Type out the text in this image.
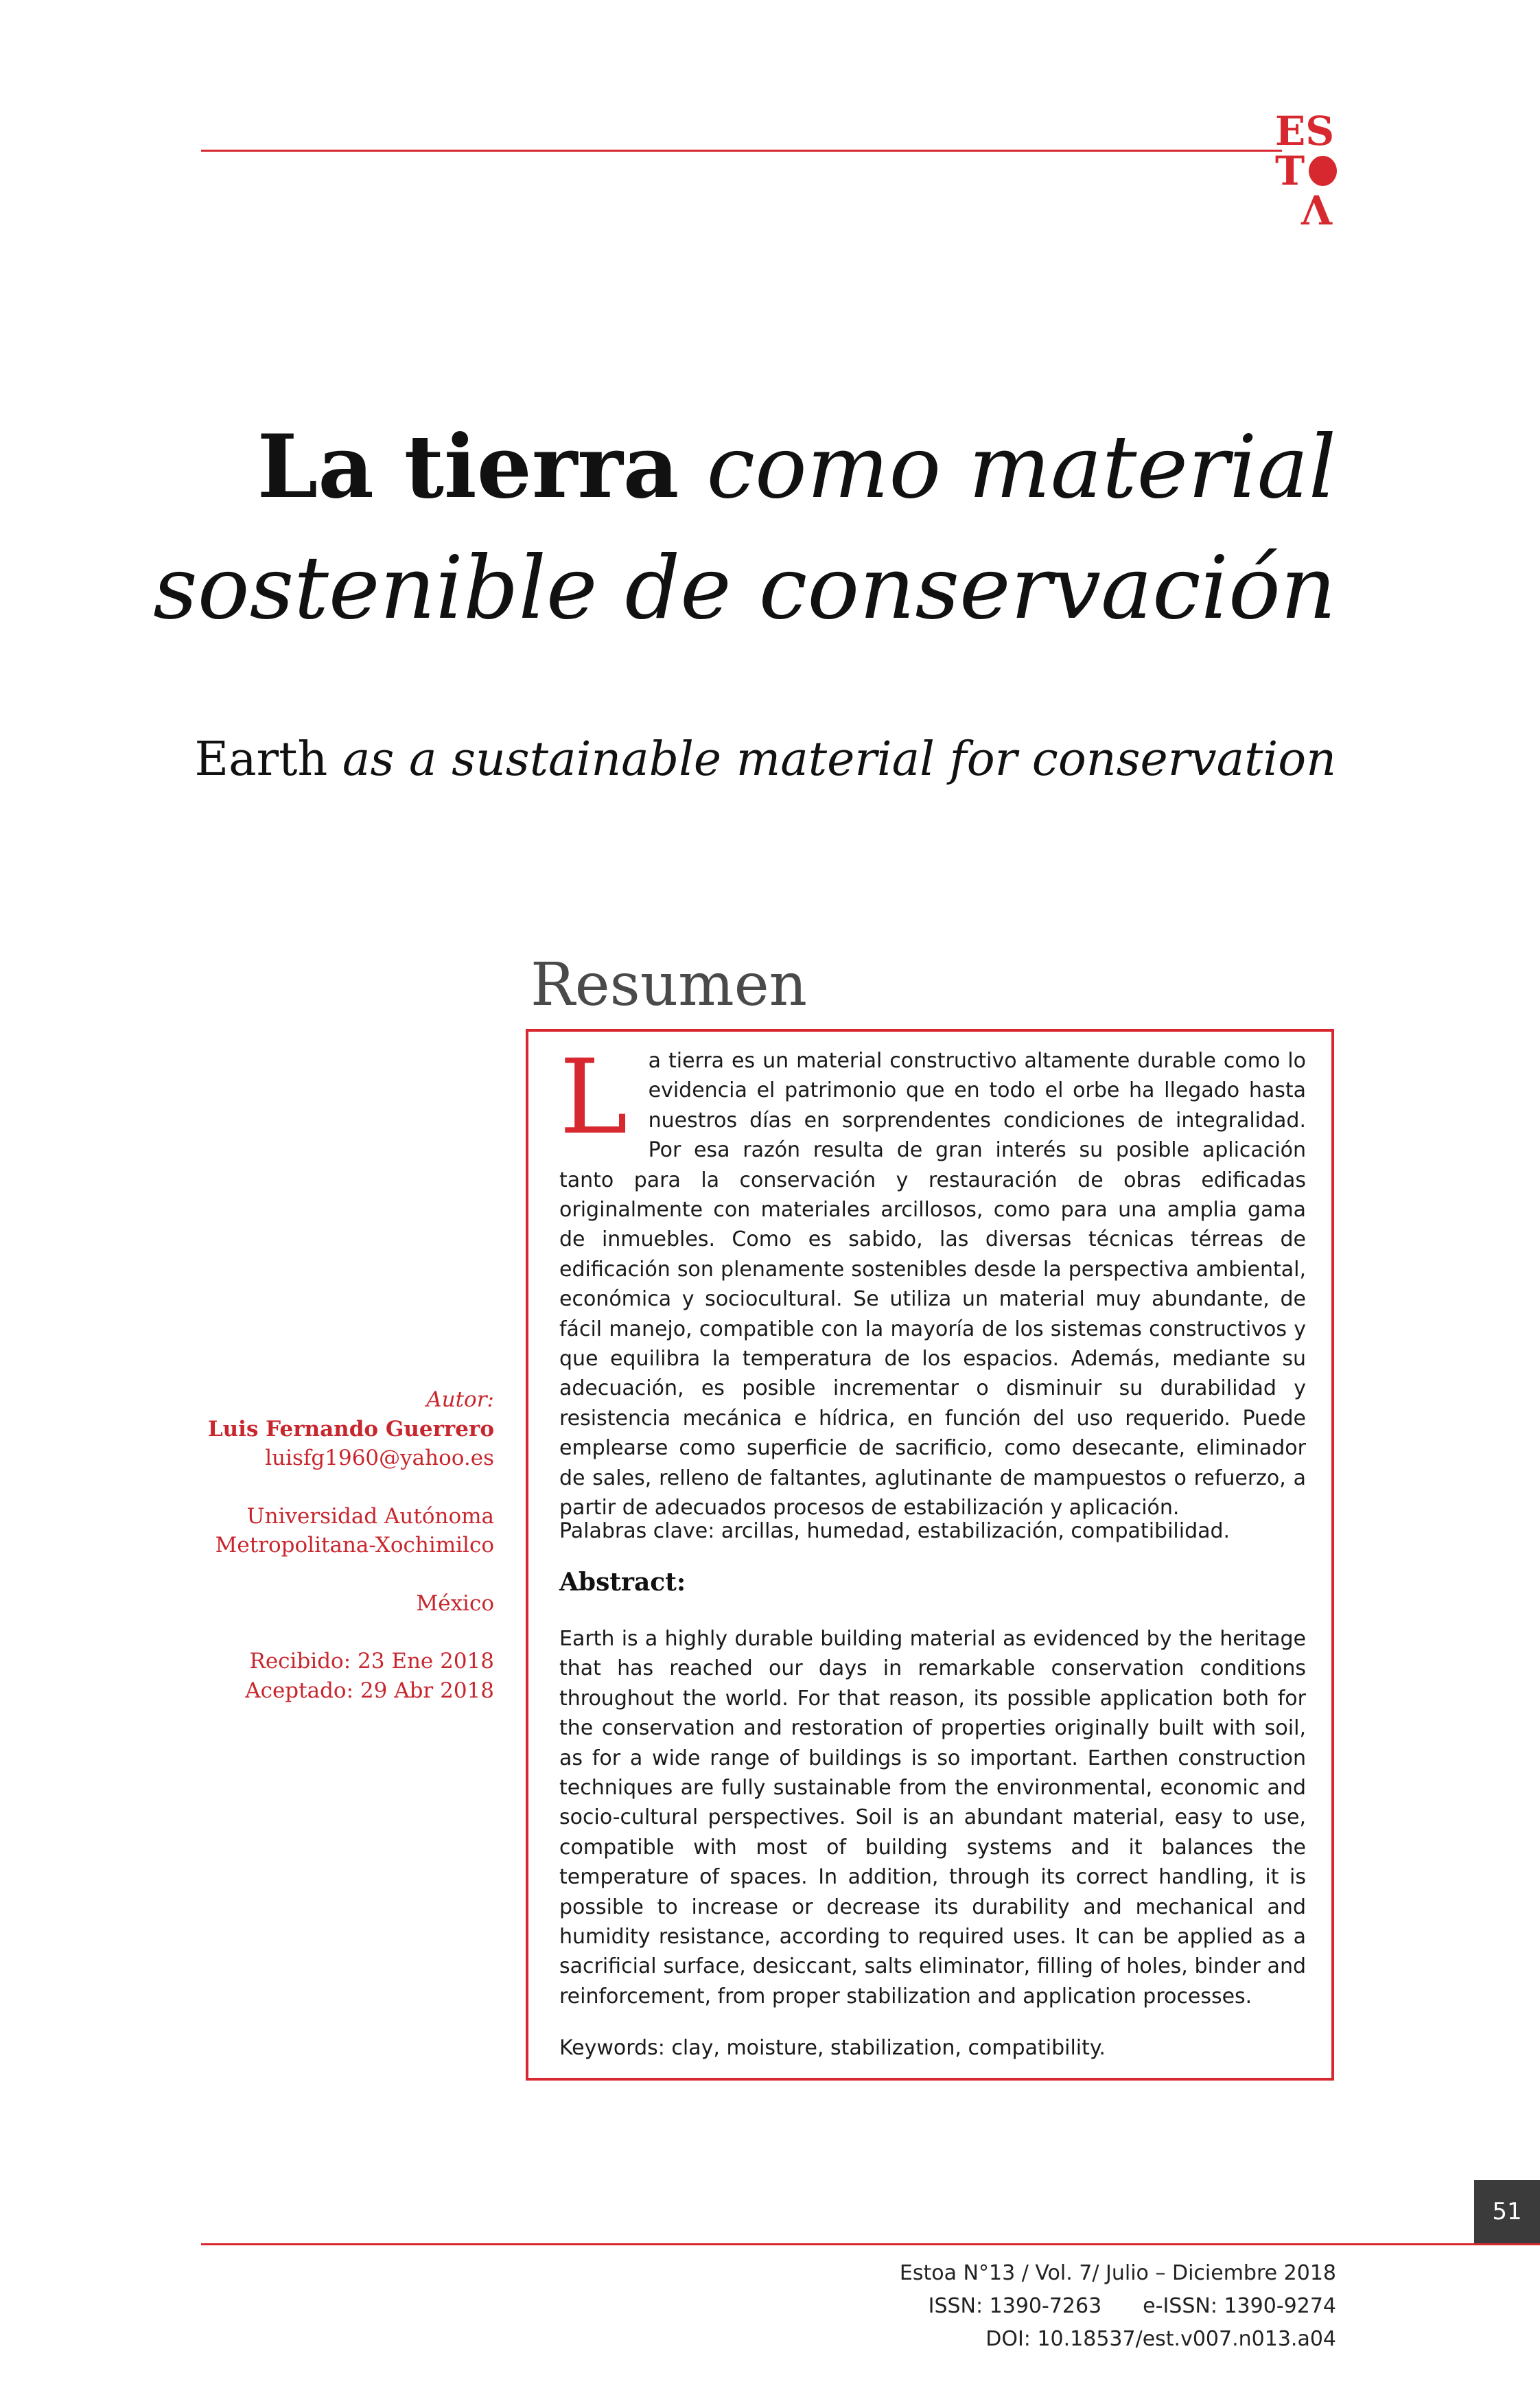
ES
T
Λ
La tierra como material
sostenible de conservación
Earth as a sustainable material for conservation
Resumen
L	a tierra es un material constructivo altamente durable como lo evidencia el patrimonio que en todo el orbe ha llegado hasta nuestros días en sorprendentes condiciones de integralidad. Por esa razón resulta de gran interés su posible aplicación tanto para la conservación y restauración de obras edificadas originalmente con materiales arcillosos, como para una amplia gama de inmuebles. Como es sabido, las diversas técnicas térreas de edificación son plenamente sostenibles desde la perspectiva ambiental, económica y sociocultural. Se utiliza un material muy abundante, de fácil manejo, compatible con la mayoría de los sistemas constructivos y que equilibra la temperatura de los espacios. Además, mediante su adecuación, es posible incrementar o disminuir su durabilidad y resistencia mecánica e hídrica, en función del uso requerido. Puede emplearse como superficie de sacrificio, como desecante, eliminador de sales, relleno de faltantes, aglutinante de mampuestos o refuerzo, a partir de adecuados procesos de estabilización y aplicación.

Palabras clave: arcillas, humedad, estabilización, compatibilidad.
Abstract:

Earth is a highly durable building material as evidenced by the heritage that has reached our days in remarkable conservation conditions throughout the world. For that reason, its possible application both for the conservation and restoration of properties originally built with soil, as for a wide range of buildings is so important. Earthen construction techniques are fully sustainable from the environmental, economic and socio-cultural perspectives. Soil is an abundant material, easy to use, compatible with most of building systems and it balances the temperature of spaces. In addition, through its correct handling, it is possible to increase or decrease its durability and mechanical and humidity resistance, according to required uses. It can be applied as a sacrificial surface, desiccant, salts eliminator, filling of holes, binder and reinforcement, from proper stabilization and application processes.

Keywords: clay, moisture, stabilization, compatibility.
Autor:
Luis Fernando Guerrero
luisfg1960@yahoo.es
Universidad Autónoma
Metropolitana-Xochimilco
México
Recibido: 23 Ene 2018
Aceptado: 29 Abr 2018
51
Estoa N°13 / Vol. 7/ Julio – Diciembre 2018
ISSN: 1390-7263 e-ISSN: 1390-9274
DOI: 10.18537/est.v007.n013.a04
